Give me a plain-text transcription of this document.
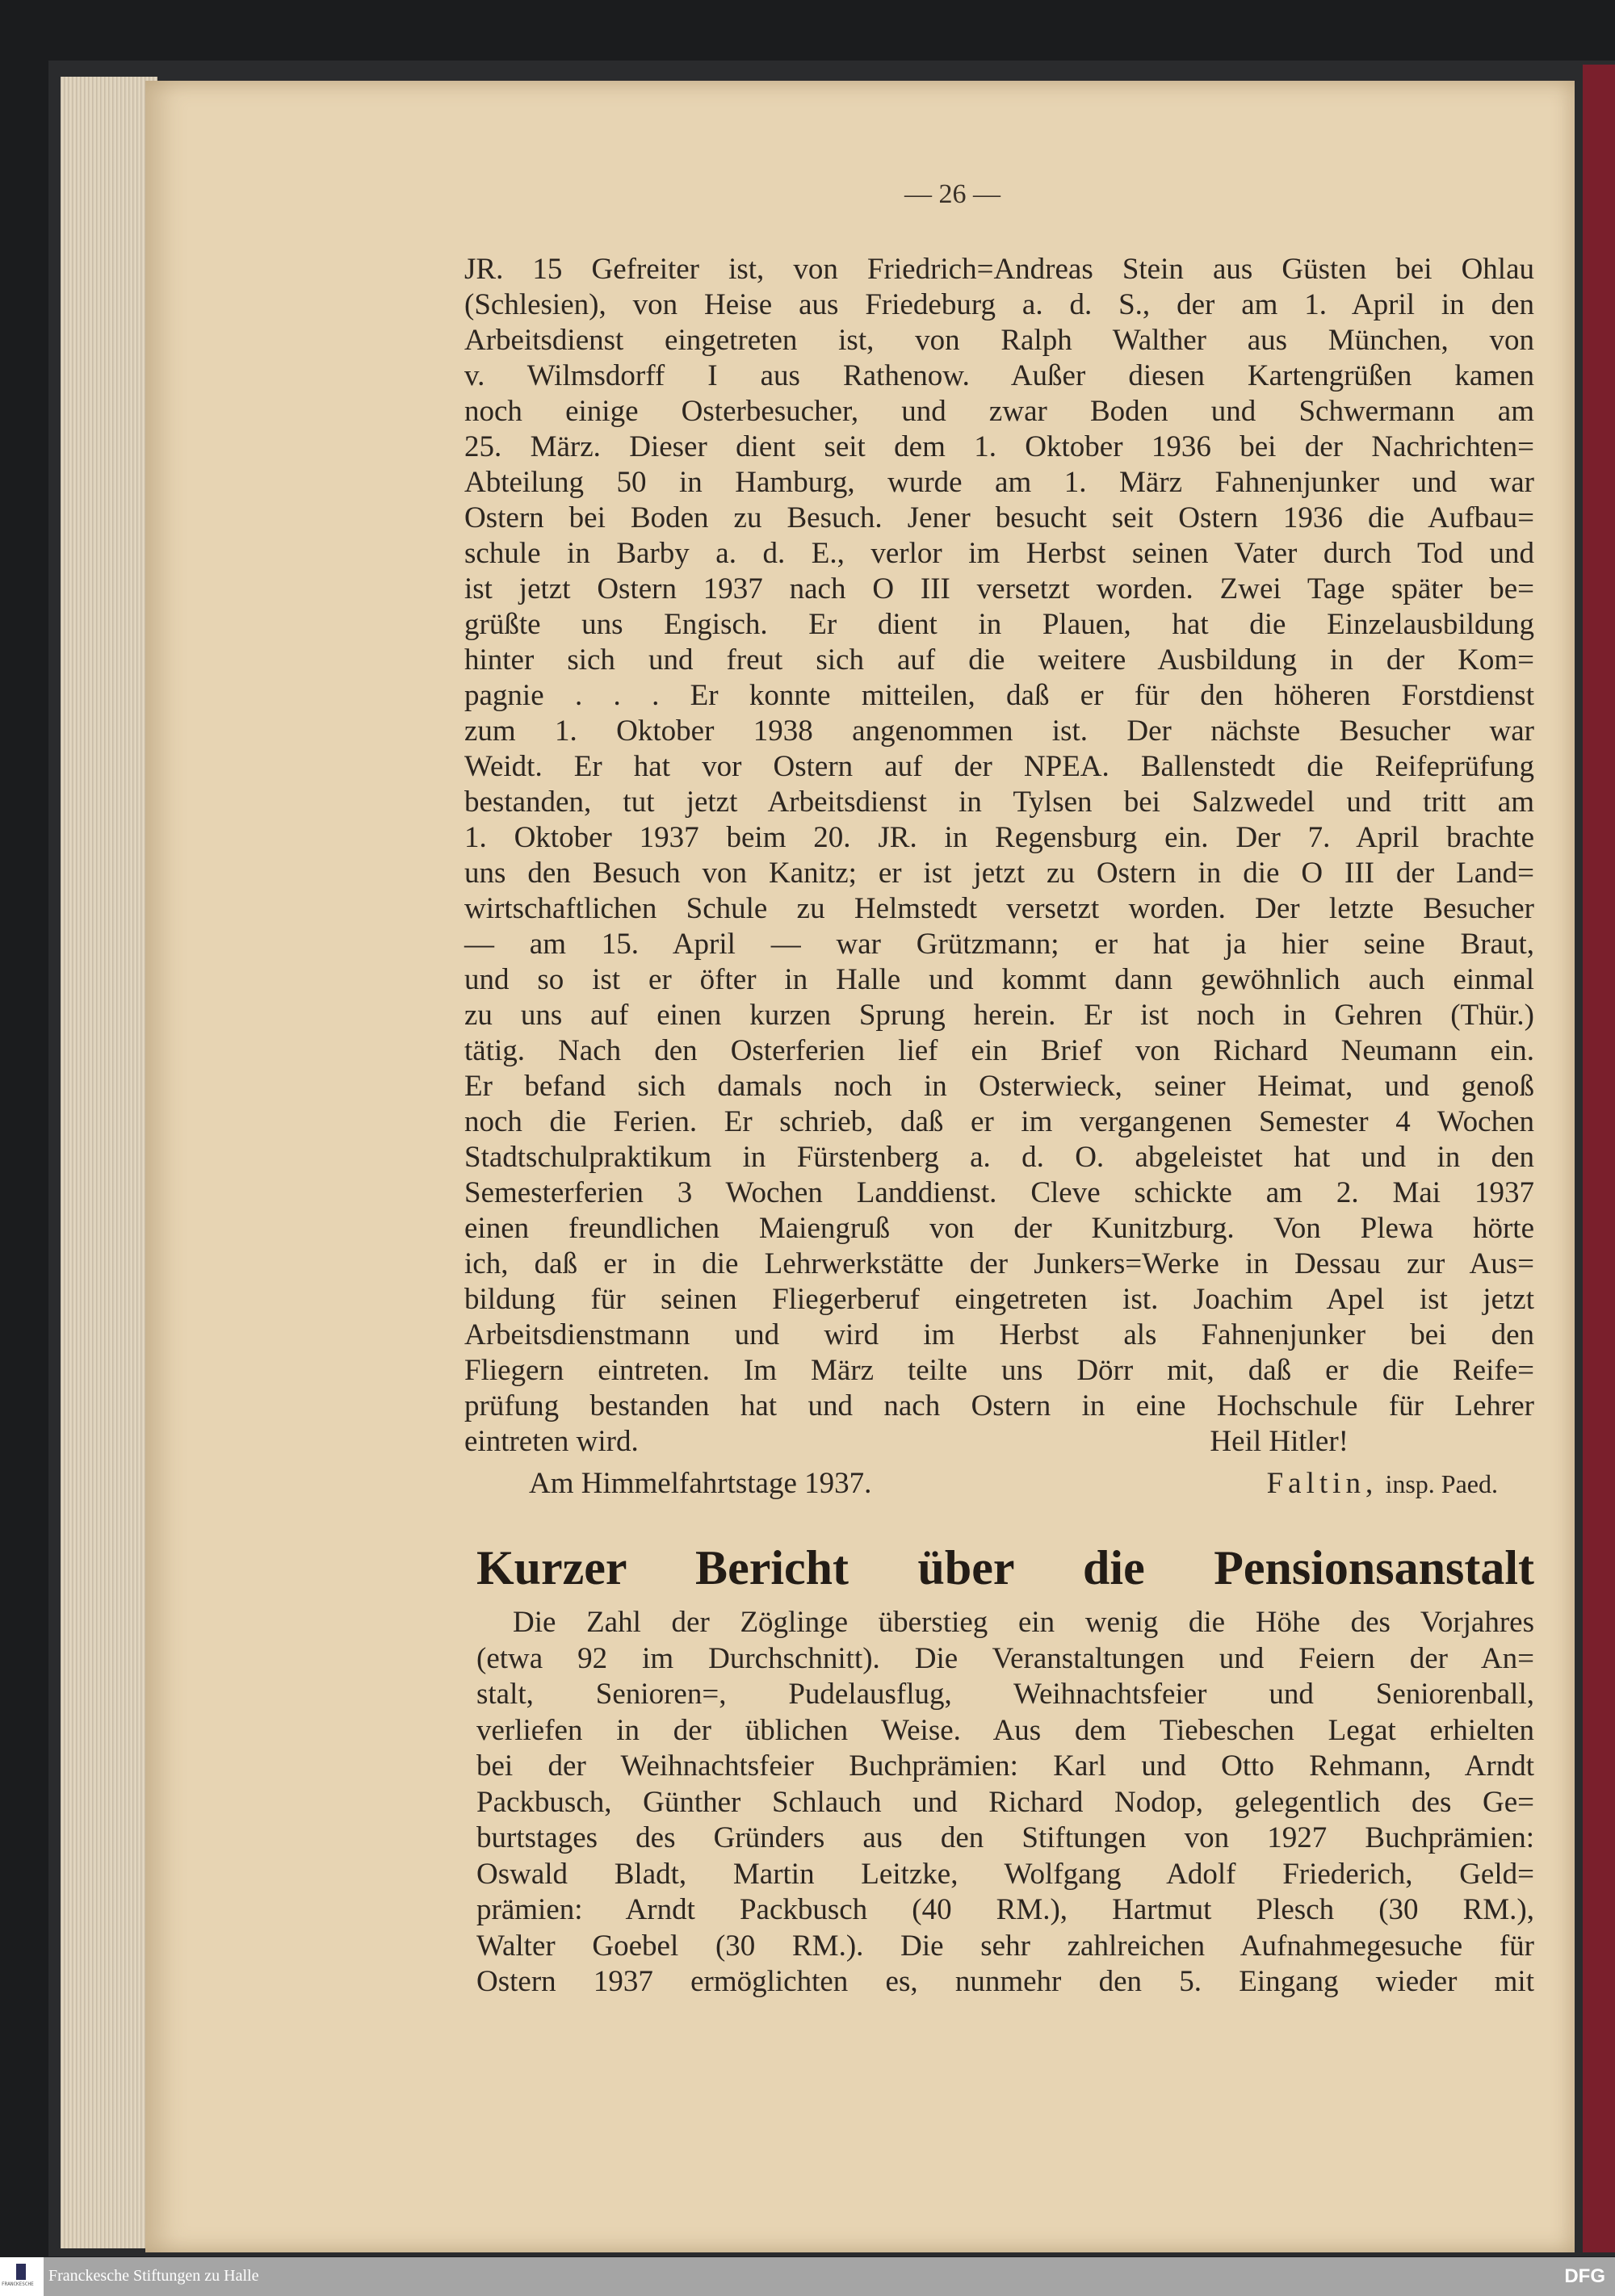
— 26 —
JR. 15 Gefreiter ist, von Friedrich=Andreas Stein aus Güsten bei Ohlau
(Schlesien), von Heise aus Friedeburg a. d. S., der am 1. April in den
Arbeitsdienst eingetreten ist, von Ralph Walther aus München, von
v. Wilmsdorff I aus Rathenow. Außer diesen Kartengrüßen kamen
noch einige Osterbesucher, und zwar Boden und Schwermann am
25. März. Dieser dient seit dem 1. Oktober 1936 bei der Nachrichten=
Abteilung 50 in Hamburg, wurde am 1. März Fahnenjunker und war
Ostern bei Boden zu Besuch. Jener besucht seit Ostern 1936 die Aufbau=
schule in Barby a. d. E., verlor im Herbst seinen Vater durch Tod und
ist jetzt Ostern 1937 nach O III versetzt worden. Zwei Tage später be=
grüßte uns Engisch. Er dient in Plauen, hat die Einzelausbildung
hinter sich und freut sich auf die weitere Ausbildung in der Kom=
pagnie . . . Er konnte mitteilen, daß er für den höheren Forstdienst
zum 1. Oktober 1938 angenommen ist. Der nächste Besucher war
Weidt. Er hat vor Ostern auf der NPEA. Ballenstedt die Reifeprüfung
bestanden, tut jetzt Arbeitsdienst in Tylsen bei Salzwedel und tritt am
1. Oktober 1937 beim 20. JR. in Regensburg ein. Der 7. April brachte
uns den Besuch von Kanitz; er ist jetzt zu Ostern in die O III der Land=
wirtschaftlichen Schule zu Helmstedt versetzt worden. Der letzte Besucher
— am 15. April — war Grützmann; er hat ja hier seine Braut,
und so ist er öfter in Halle und kommt dann gewöhnlich auch einmal
zu uns auf einen kurzen Sprung herein. Er ist noch in Gehren (Thür.)
tätig. Nach den Osterferien lief ein Brief von Richard Neumann ein.
Er befand sich damals noch in Osterwieck, seiner Heimat, und genoß
noch die Ferien. Er schrieb, daß er im vergangenen Semester 4 Wochen
Stadtschulpraktikum in Fürstenberg a. d. O. abgeleistet hat und in den
Semesterferien 3 Wochen Landdienst. Cleve schickte am 2. Mai 1937
einen freundlichen Maiengruß von der Kunitzburg. Von Plewa hörte
ich, daß er in die Lehrwerkstätte der Junkers=Werke in Dessau zur Aus=
bildung für seinen Fliegerberuf eingetreten ist. Joachim Apel ist jetzt
Arbeitsdienstmann und wird im Herbst als Fahnenjunker bei den
Fliegern eintreten. Im März teilte uns Dörr mit, daß er die Reife=
prüfung bestanden hat und nach Ostern in eine Hochschule für Lehrer
eintreten wird.	Heil Hitler!
Am Himmelfahrtstage 1937.	Faltin, insp. Paed.
Kurzer Bericht über die Pensionsanstalt
Die Zahl der Zöglinge überstieg ein wenig die Höhe des Vorjahres
(etwa 92 im Durchschnitt). Die Veranstaltungen und Feiern der An=
stalt, Senioren=, Pudelausflug, Weihnachtsfeier und Seniorenball,
verliefen in der üblichen Weise. Aus dem Tiebeschen Legat erhielten
bei der Weihnachtsfeier Buchprämien: Karl und Otto Rehmann, Arndt
Packbusch, Günther Schlauch und Richard Nodop, gelegentlich des Ge=
burtstages des Gründers aus den Stiftungen von 1927 Buchprämien:
Oswald Bladt, Martin Leitzke, Wolfgang Adolf Friederich, Geld=
prämien: Arndt Packbusch (40 RM.), Hartmut Plesch (30 RM.),
Walter Goebel (30 RM.). Die sehr zahlreichen Aufnahmegesuche für
Ostern 1937 ermöglichten es, nunmehr den 5. Eingang wieder mit
FRANCKESCHE Franckesche Stiftungen zu Halle	DFG
